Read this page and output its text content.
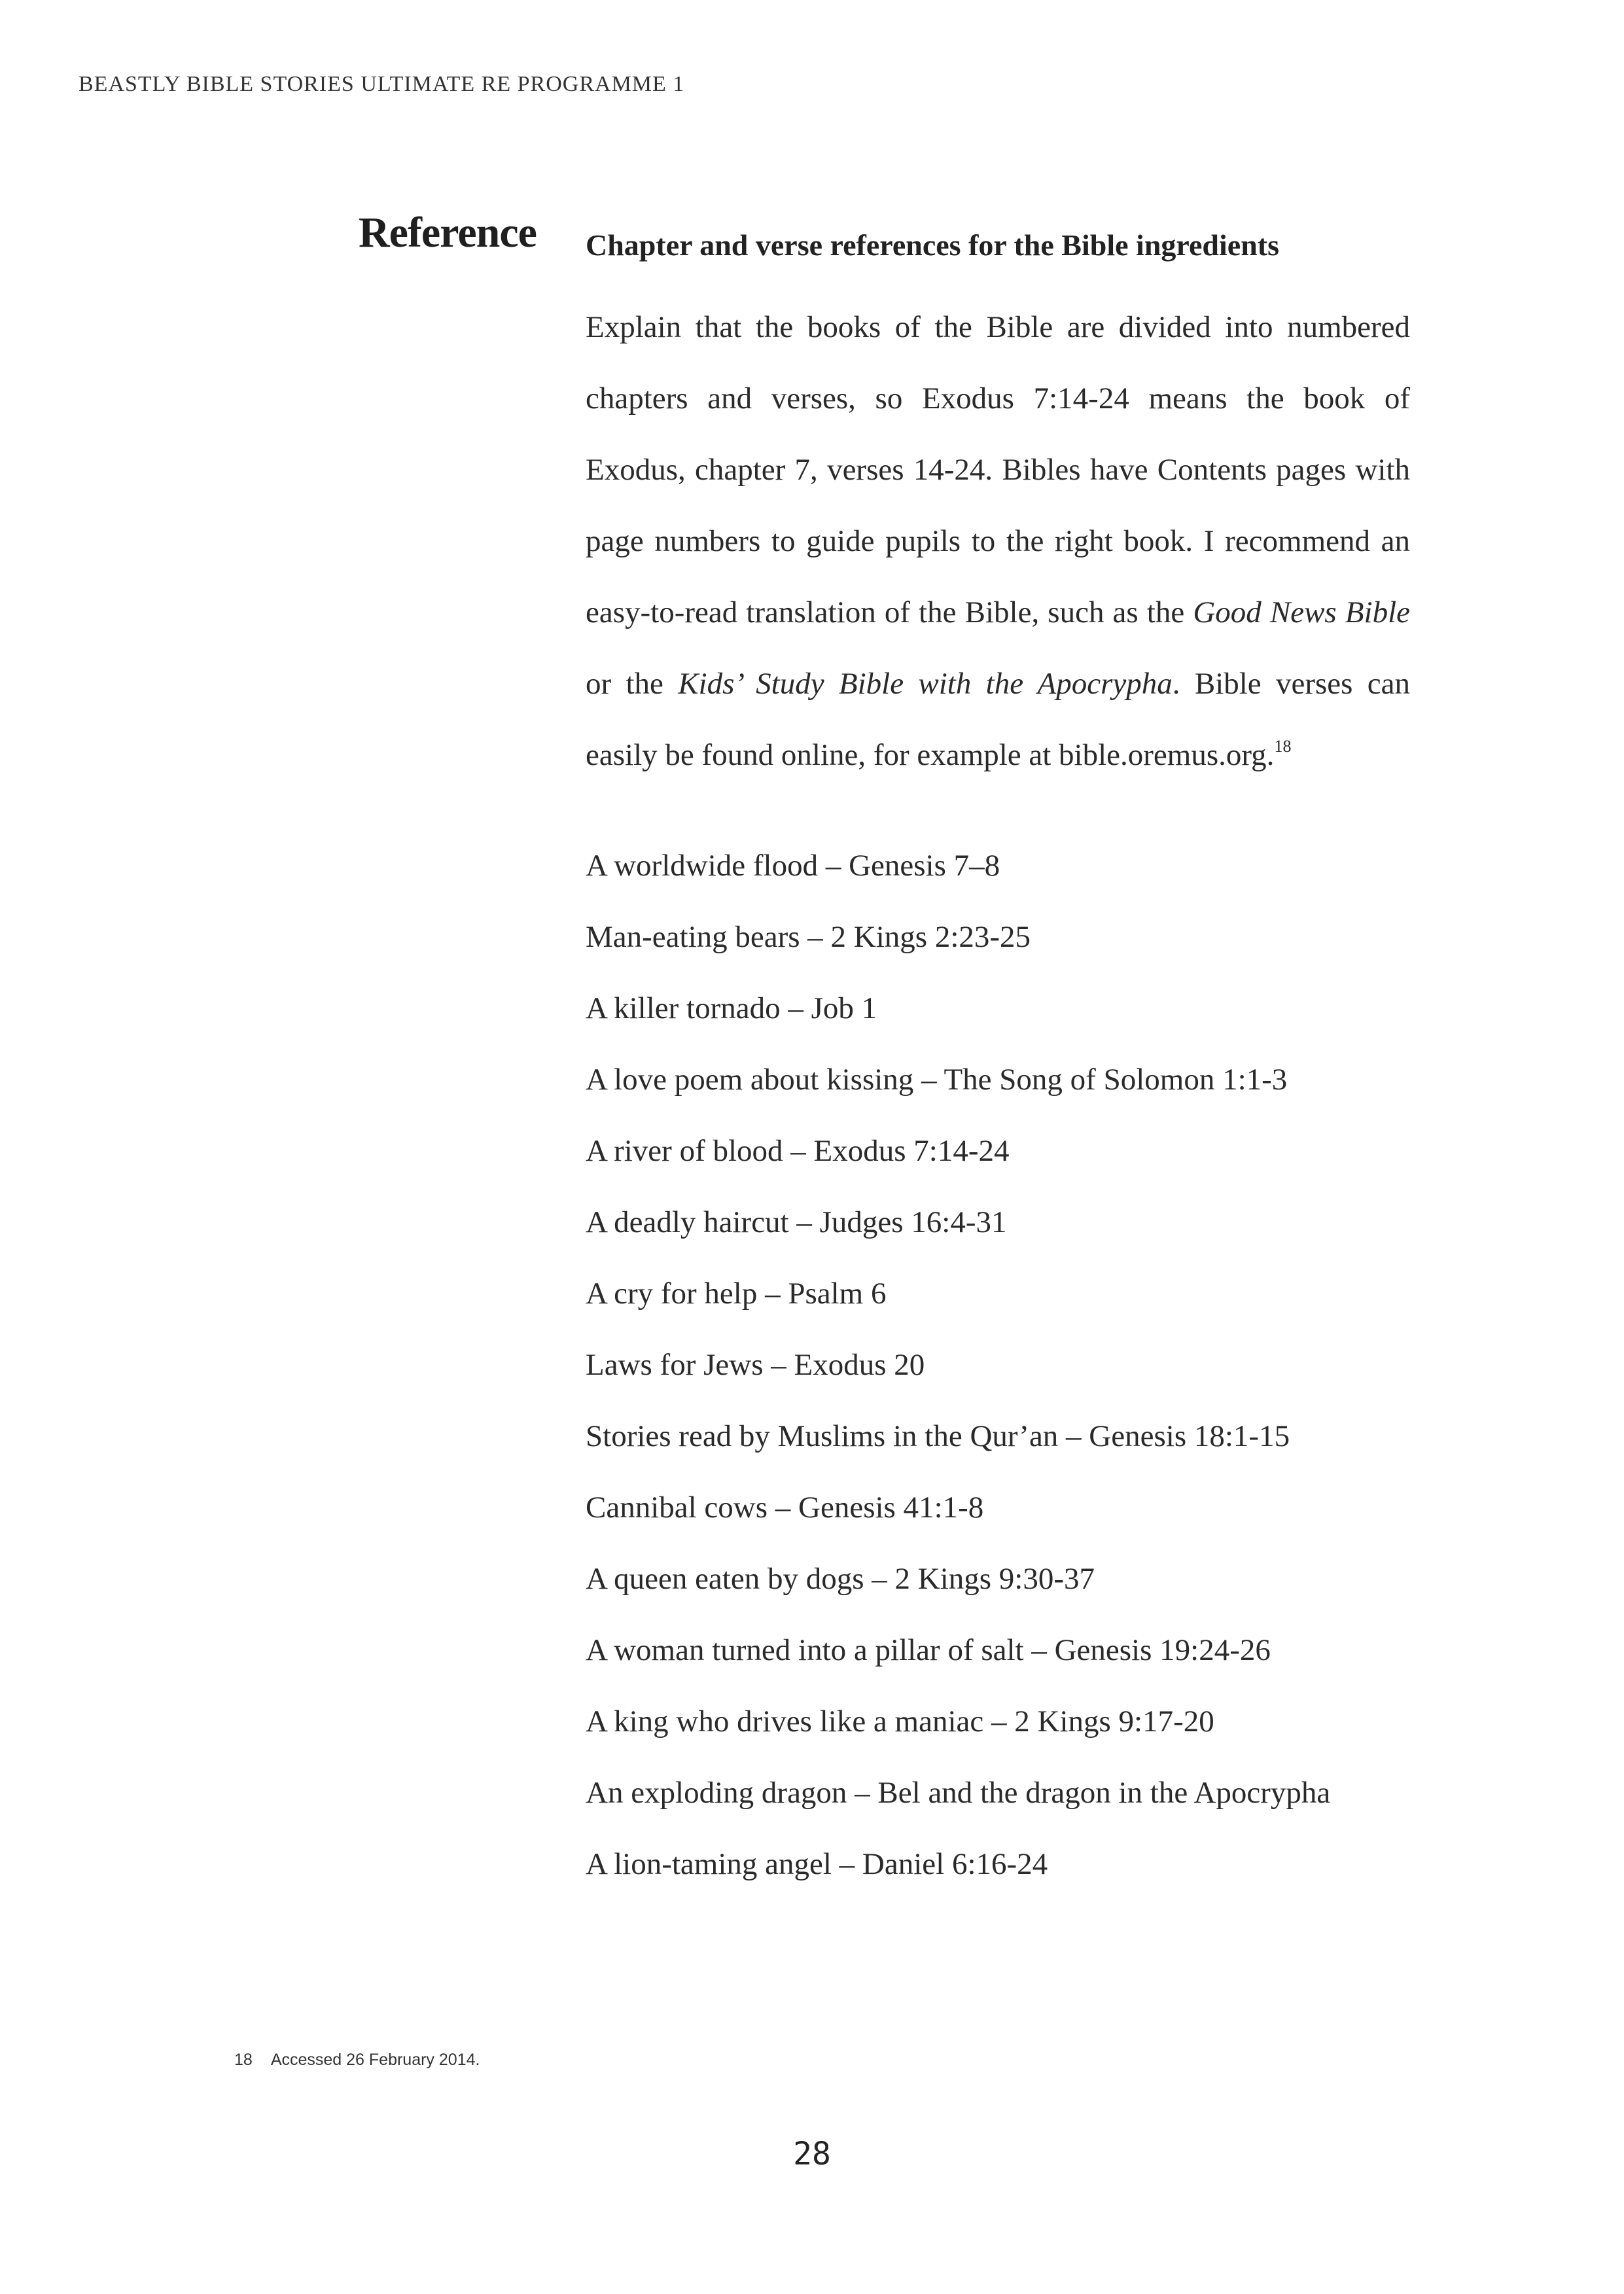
BEASTLY BIBLE STORIES ULTIMATE RE PROGRAMME 1
Reference Chapter and verse references for the Bible ingredients

Explain that the books of the Bible are divided into numbered chapters and verses, so Exodus 7:14-24 means the book of Exodus, chapter 7, verses 14-24. Bibles have Contents pages with page numbers to guide pupils to the right book. I recommend an easy-to-read translation of the Bible, such as the Good News Bible or the Kids’ Study Bible with the Apocrypha. Bible verses can easily be found online, for example at bible.oremus.org.$^{18}$

A worldwide flood – Genesis 7–8
Man-eating bears – 2 Kings 2:23-25
A killer tornado – Job 1
A love poem about kissing – The Song of Solomon 1:1-3
A river of blood – Exodus 7:14-24
A deadly haircut – Judges 16:4-31
A cry for help – Psalm 6
Laws for Jews – Exodus 20
Stories read by Muslims in the Qur’an – Genesis 18:1-15
Cannibal cows – Genesis 41:1-8
A queen eaten by dogs – 2 Kings 9:30-37
A woman turned into a pillar of salt – Genesis 19:24-26
A king who drives like a maniac – 2 Kings 9:17-20
An exploding dragon – Bel and the dragon in the Apocrypha
A lion-taming angel – Daniel 6:16-24
18 Accessed 26 February 2014.
28
